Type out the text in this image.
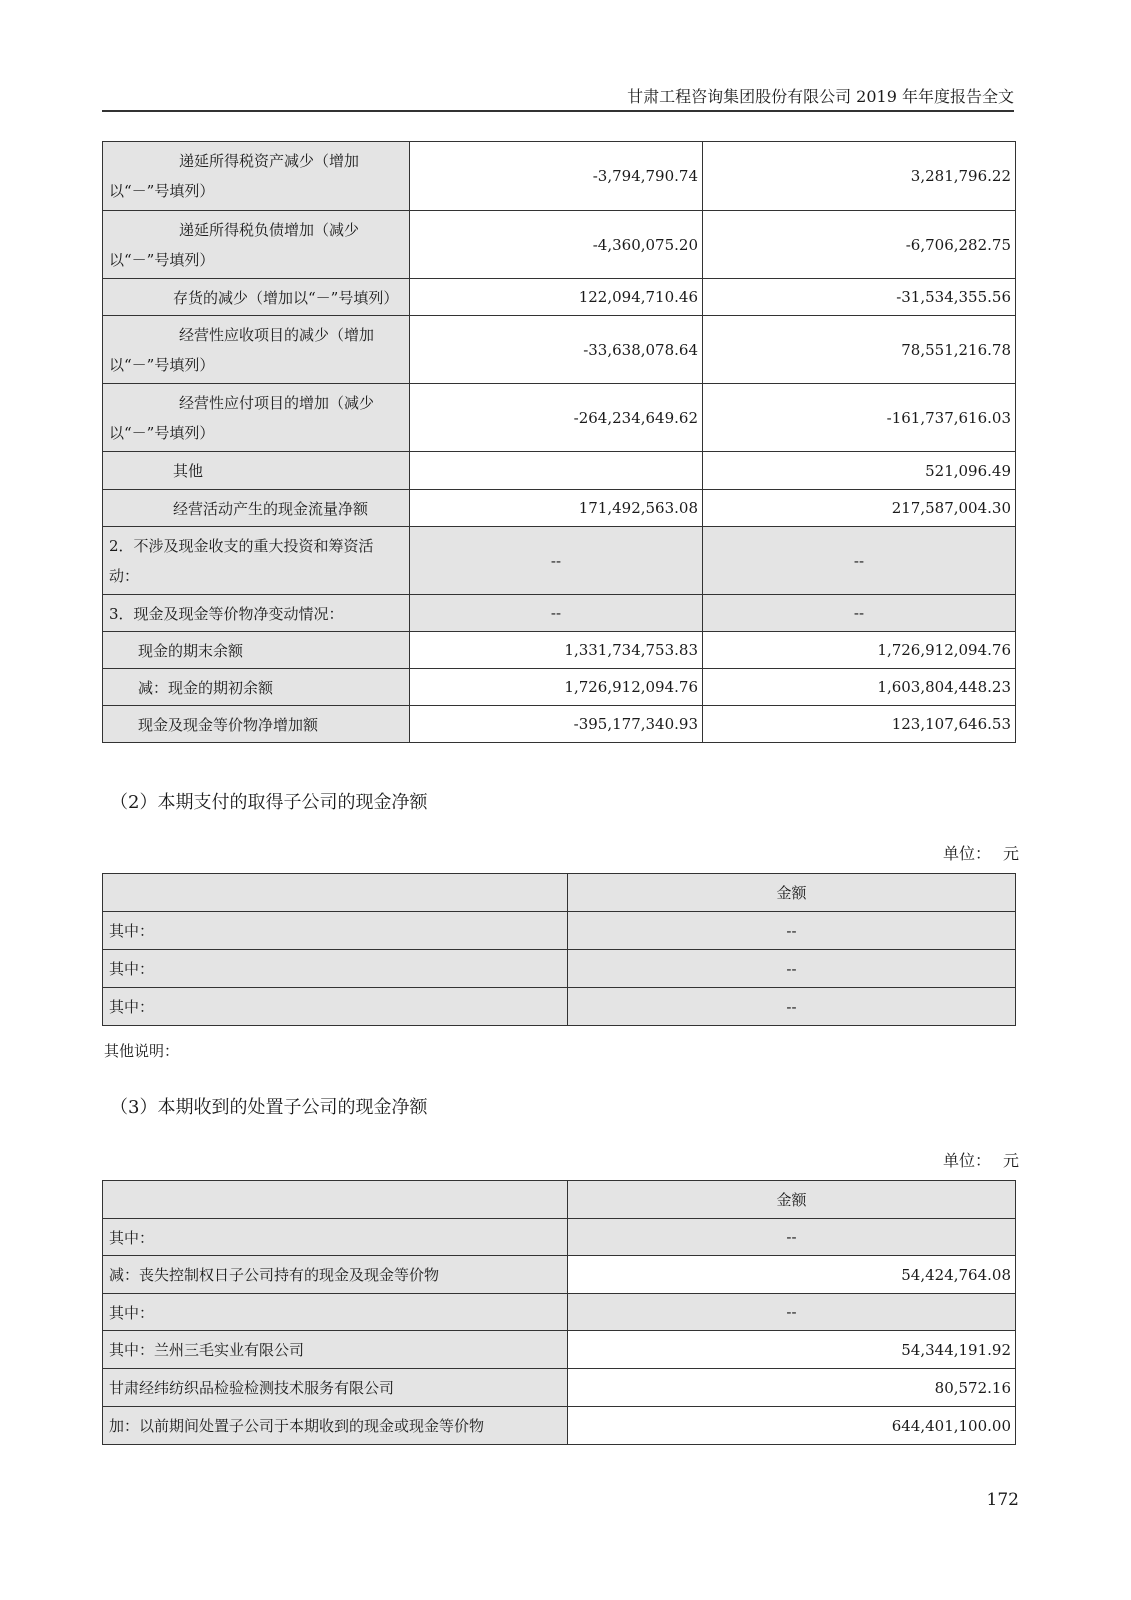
甘肃工程咨询集团股份有限公司 2019 年年度报告全文
递延所得税资产减少（增加以“－”号填列）	-3,794,790.74	3,281,796.22
递延所得税负债增加（减少以“－”号填列）	-4,360,075.20	-6,706,282.75
存货的减少（增加以“－”号填列）	122,094,710.46	-31,534,355.56
经营性应收项目的减少（增加以“－”号填列）	-33,638,078.64	78,551,216.78
经营性应付项目的增加（减少以“－”号填列）	-264,234,649.62	-161,737,616.03
其他		521,096.49
经营活动产生的现金流量净额	171,492,563.08	217,587,004.30
2．不涉及现金收支的重大投资和筹资活动：	--	--
3．现金及现金等价物净变动情况：	--	--
现金的期末余额	1,331,734,753.83	1,726,912,094.76
减：现金的期初余额	1,726,912,094.76	1,603,804,448.23
现金及现金等价物净增加额	-395,177,340.93	123,107,646.53
（2）本期支付的取得子公司的现金净额
单位： 元
	金额
其中：	--
其中：	--
其中：	--
其他说明：
（3）本期收到的处置子公司的现金净额
单位： 元
	金额
其中：	--
减：丧失控制权日子公司持有的现金及现金等价物	54,424,764.08
其中：	--
其中：兰州三毛实业有限公司	54,344,191.92
甘肃经纬纺织品检验检测技术服务有限公司	80,572.16
加：以前期间处置子公司于本期收到的现金或现金等价物	644,401,100.00
172
